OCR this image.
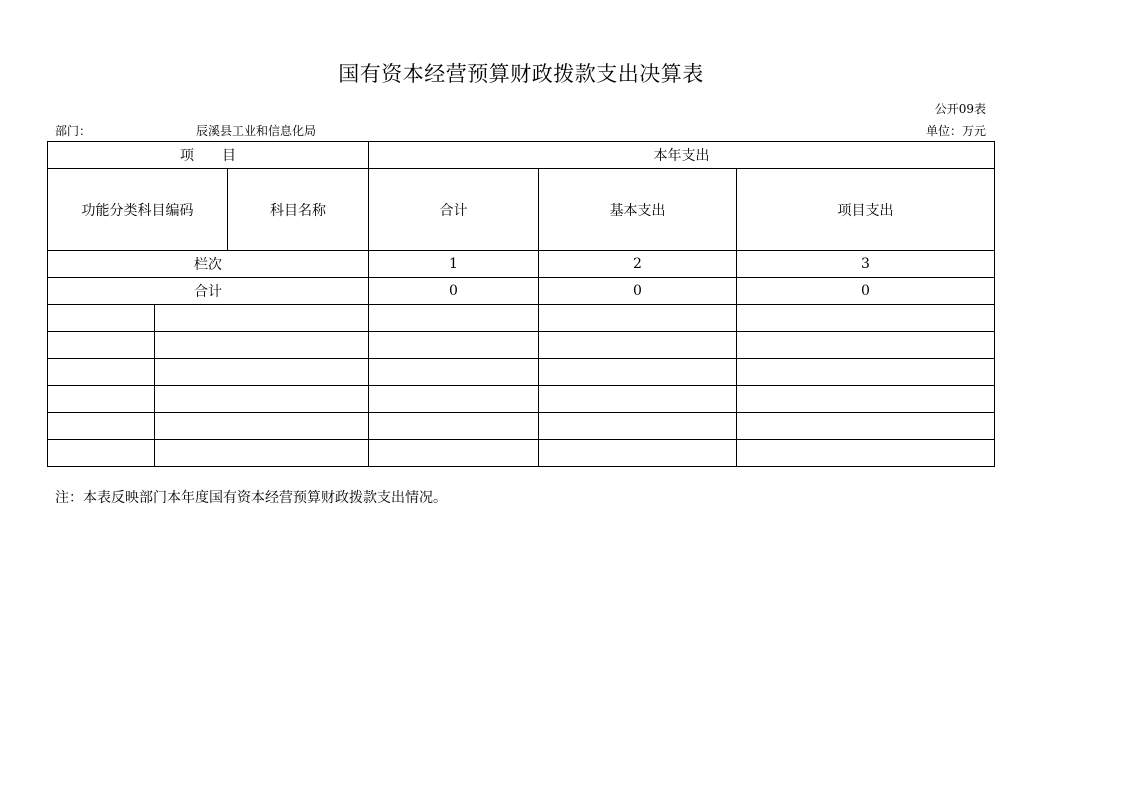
国有资本经营预算财政拨款支出决算表
公开09表
部门：	辰溪县工业和信息化局	单位：万元
项　　目			本年支出		
功能分类科目编码		科目名称	合计	基本支出	项目支出
栏次			1	2	3
合计			0	0	0

注：本表反映部门本年度国有资本经营预算财政拨款支出情况。
